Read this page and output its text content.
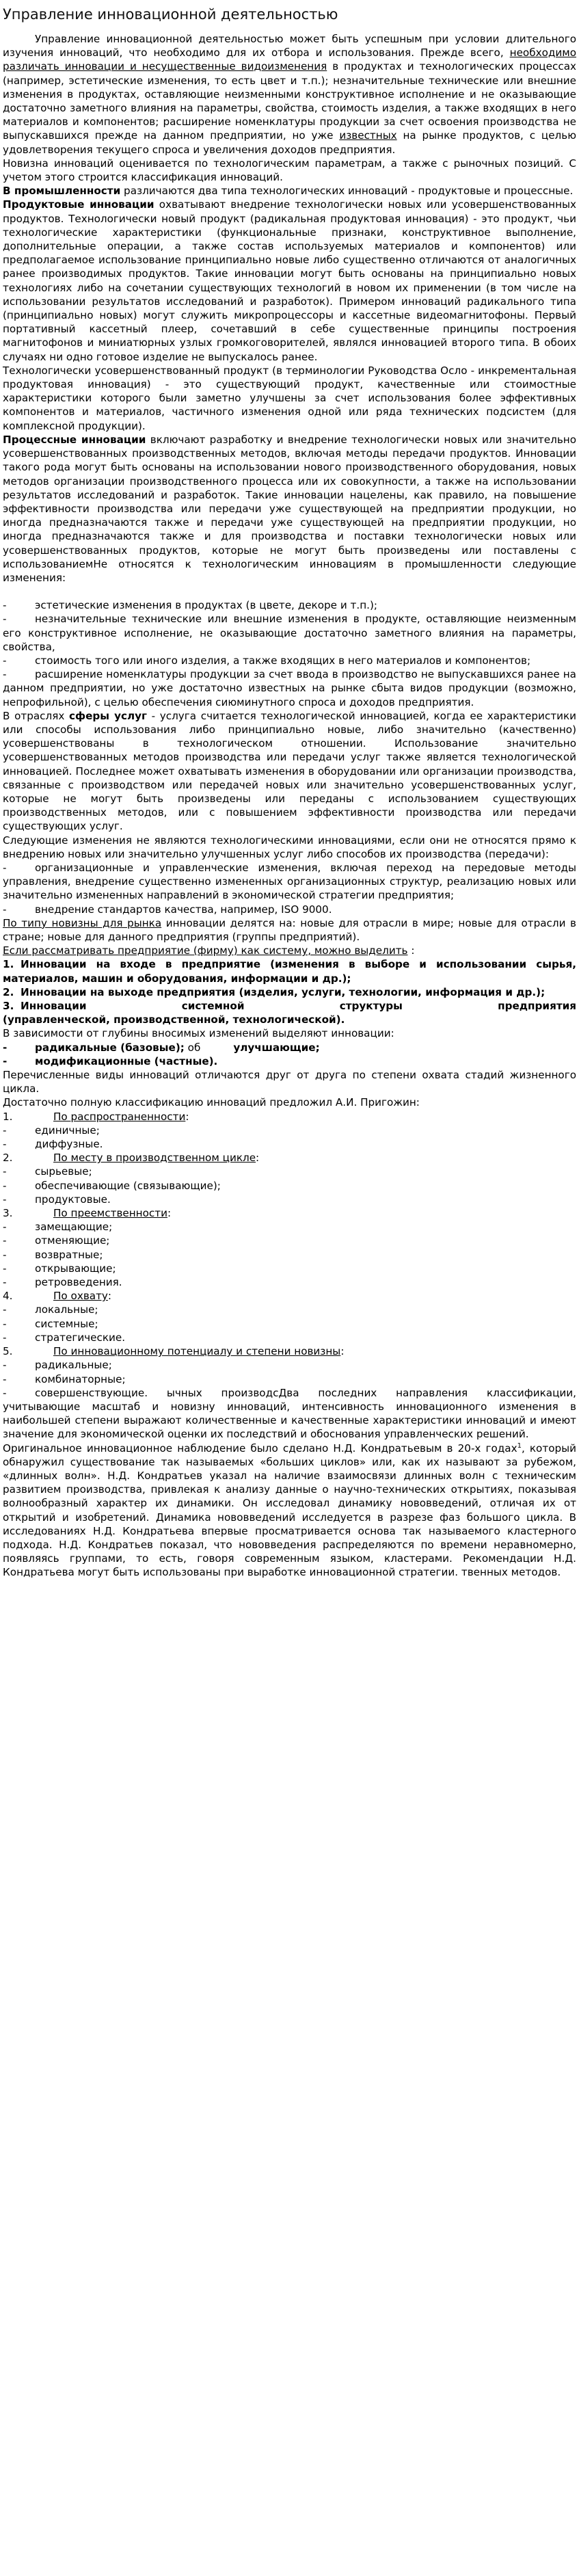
Управление инновационной деятельностью

Управление инновационной деятельностью может быть успешным при условии длительного изучения инноваций, что необходимо для их отбора и использования. Прежде всего, необходимо различать инновации и несущественные видоизменения в продуктах и технологических процессах (например, эстетические изменения, то есть цвет и т.п.); незначительные технические или внешние изменения в продуктах, оставляющие неизменными конструктивное исполнение и не оказывающие достаточно заметного влияния на параметры, свойства, стоимость изделия, а также входящих в него материалов и компонентов; расширение номенклатуры продукции за счет освоения производства не выпускавшихся прежде на данном предприятии, но уже известных на рынке продуктов, с целью удовлетворения текущего спроса и увеличения доходов предприятия.

Новизна инноваций оценивается по технологическим параметрам, а также с рыночных позиций. С учетом этого строится классификация инноваций.

В промышленности различаются два типа технологических инноваций - продуктовые и процессные.

Продуктовые инновации охватывают внедрение технологически новых или усовершенствованных продуктов. Технологически новый продукт (радикальная продуктовая инновация) - это продукт, чьи технологические характеристики (функциональные признаки, конструктивное выполнение, дополнительные операции, а также состав используемых материалов и компонентов) или предполагаемое использование принципиально новые либо существенно отличаются от аналогичных ранее производимых продуктов. Такие инновации могут быть основаны на принципиально новых технологиях либо на сочетании существующих технологий в новом их применении (в том числе на использовании результатов исследований и разработок). Примером инноваций радикального типа (принципиально новых) могут служить микропроцессоры и кассетные видеомагнитофоны. Первый портативный кассетный плеер, сочетавший в себе существенные принципы построения магнитофонов и миниатюрных узлых громкоговорителей, являлся инновацией второго типа. В обоих случаях ни одно готовое изделие не выпускалось ранее.

Технологически усовершенствованный продукт (в терминологии Руководства Осло - инкрементальная продуктовая инновация) - это существующий продукт, качественные или стоимостные характеристики которого были заметно улучшены за счет использования более эффективных компонентов и материалов, частичного изменения одной или ряда технических подсистем (для комплексной продукции).

Процессные инновации включают разработку и внедрение технологически новых или значительно усовершенствованных производственных методов, включая методы передачи продуктов. Инновации такого рода могут быть основаны на использовании нового производственного оборудования, новых методов организации производственного процесса или их совокупности, а также на использовании результатов исследований и разработок. Такие инновации нацелены, как правило, на повышение эффективности производства или передачи уже существующей на предприятии продукции, но иногда предназначаются также и передачи уже существующей на предприятии продукции, но иногда предназначаются также и для производства и поставки технологически новых или усовершенствованных продуктов, которые не могут быть произведены или поставлены с использованиемНе относятся к технологическим инновациям в промышленности следующие изменения:

-	эстетические изменения в продуктах (в цвете, декоре и т.п.);

-	незначительные технические или внешние изменения в продукте, оставляющие неизменным его конструктивное исполнение, не оказывающие достаточно заметного влияния на параметры, свойства,

-	стоимость того или иного изделия, а также входящих в него материалов и компонентов;

-	расширение номенклатуры продукции за счет ввода в производство не выпускавшихся ранее на данном предприятии, но уже достаточно известных на рынке сбыта видов продукции (возможно, непрофильной), с целью обеспечения сиюминутного спроса и доходов предприятия.

В отраслях сферы услуг - услуга считается технологической инновацией, когда ее характеристики или способы использования либо принципиально новые, либо значительно (качественно) усовершенствованы в технологическом отношении. Использование значительно усовершенствованных методов производства или передачи услуг также является технологической инновацией. Последнее может охватывать изменения в оборудовании или организации производства, связанные с производством или передачей новых или значительно усовершенствованных услуг, которые не могут быть произведены или переданы с использованием существующих производственных методов, или с повышением эффективности производства или передачи существующих услуг.

Следующие изменения не являются технологическими инновациями, если они не относятся прямо к внедрению новых или значительно улучшенных услуг либо способов их производства (передачи):

-	организационные и управленческие изменения, включая переход на передовые методы управления, внедрение существенно измененных организационных структур, реализацию новых или значительно измененных направлений в экономической стратегии предприятия;

-	внедрение стандартов качества, например, ISO 9000.

По типу новизны для рынка инновации делятся на: новые для отрасли в мире; новые для отрасли в стране; новые для данного предприятия (группы предприятий).

Если рассматривать предприятие (фирму) как систему, можно выделить :

1. Инновации на входе в предприятие (изменения в выборе и использовании сырья, материалов, машин и оборудования, информации и др.);

2. Инновации на выходе предприятия (изделия, услуги, технологии, информация и др.);

3. Инновации	системной	структуры	предприятия

(управленческой, производственной, технологической).

В зависимости от глубины вносимых изменений выделяют инновации:

-	радикальные (базовые); об	улучшающие;

-	модификационные (частные).

Перечисленные виды инноваций отличаются друг от друга по степени охвата стадий жизненного цикла.

Достаточно полную классификацию инноваций предложил А.И. Пригожин:

1.	По распространенности:

-	единичные;

-	диффузные.

2.	По месту в производственном цикле:

-	сырьевые;

-	обеспечивающие (связывающие);

-	продуктовые.

3.	По преемственности:

-	замещающие;

-	отменяющие;

-	возвратные;

-	открывающие;

-	ретровведения.

4.	По охвату:

-	локальные;

-	системные;

-	стратегические.

5.	По инновационному потенциалу и степени новизны:

-	радикальные;

-	комбинаторные;

-	совершенствующие. ычных производсДва последних направления классификации, учитывающие масштаб и новизну инноваций, интенсивность инновационного изменения в наибольшей степени выражают количественные и качественные характеристики инноваций и имеют значение для экономической оценки их последствий и обоснования управленческих решений.

Оригинальное инновационное наблюдение было сделано Н.Д. Кондратьевым в 20-х годах$^1$, который обнаружил существование так называемых «больших циклов» или, как их называют за рубежом, «длинных волн». Н.Д. Кондратьев указал на наличие взаимосвязи длинных волн с техническим развитием производства, привлекая к анализу данные о научно-технических открытиях, показывая волнообразный характер их динамики. Он исследовал динамику нововведений, отличая их от открытий и изобретений. Динамика нововведений исследуется в разрезе фаз большого цикла. В исследованиях Н.Д. Кондратьева впервые просматривается основа так называемого кластерного подхода. Н.Д. Кондратьев показал, что нововведения распределяются по времени неравномерно, появляясь группами, то есть, говоря современным языком, кластерами. Рекомендации Н.Д. Кондратьева могут быть использованы при выработке инновационной стратегии. твенных методов.
